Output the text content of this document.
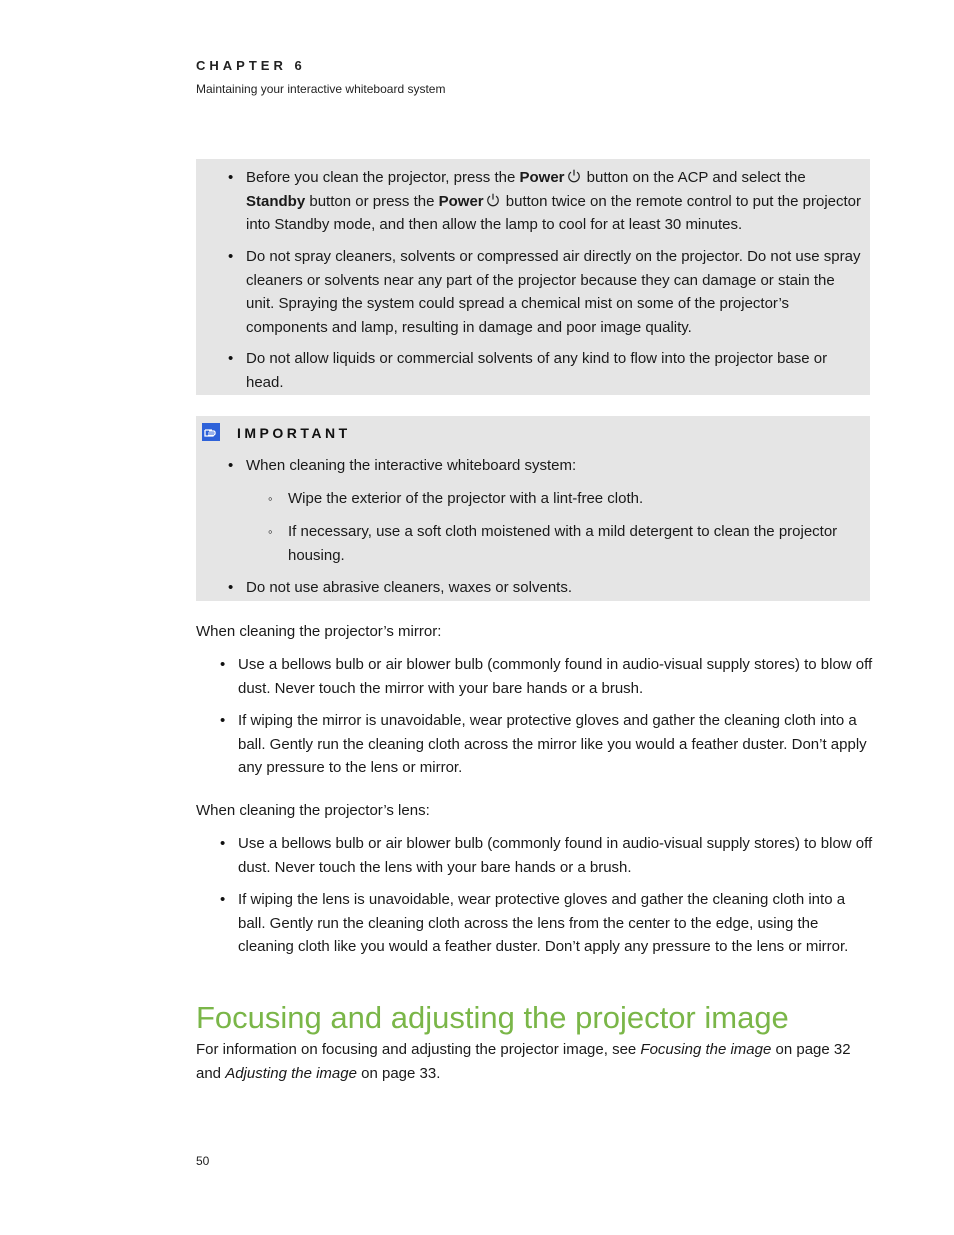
CHAPTER 6
Maintaining your interactive whiteboard system
• Before you clean the projector, press the Power button on the ACP and select the Standby button or press the Power button twice on the remote control to put the projector into Standby mode, and then allow the lamp to cool for at least 30 minutes.
• Do not spray cleaners, solvents or compressed air directly on the projector. Do not use spray cleaners or solvents near any part of the projector because they can damage or stain the unit. Spraying the system could spread a chemical mist on some of the projector’s components and lamp, resulting in damage and poor image quality.
• Do not allow liquids or commercial solvents of any kind to flow into the projector base or head.
IMPORTANT
• When cleaning the interactive whiteboard system:
◦ Wipe the exterior of the projector with a lint-free cloth.
◦ If necessary, use a soft cloth moistened with a mild detergent to clean the projector housing.
• Do not use abrasive cleaners, waxes or solvents.
When cleaning the projector’s mirror:
• Use a bellows bulb or air blower bulb (commonly found in audio-visual supply stores) to blow off dust. Never touch the mirror with your bare hands or a brush.
• If wiping the mirror is unavoidable, wear protective gloves and gather the cleaning cloth into a ball. Gently run the cleaning cloth across the mirror like you would a feather duster. Don’t apply any pressure to the lens or mirror.
When cleaning the projector’s lens:
• Use a bellows bulb or air blower bulb (commonly found in audio-visual supply stores) to blow off dust. Never touch the lens with your bare hands or a brush.
• If wiping the lens is unavoidable, wear protective gloves and gather the cleaning cloth into a ball. Gently run the cleaning cloth across the lens from the center to the edge, using the cleaning cloth like you would a feather duster. Don’t apply any pressure to the lens or mirror.
Focusing and adjusting the projector image
For information on focusing and adjusting the projector image, see Focusing the image on page 32 and Adjusting the image on page 33.
50
